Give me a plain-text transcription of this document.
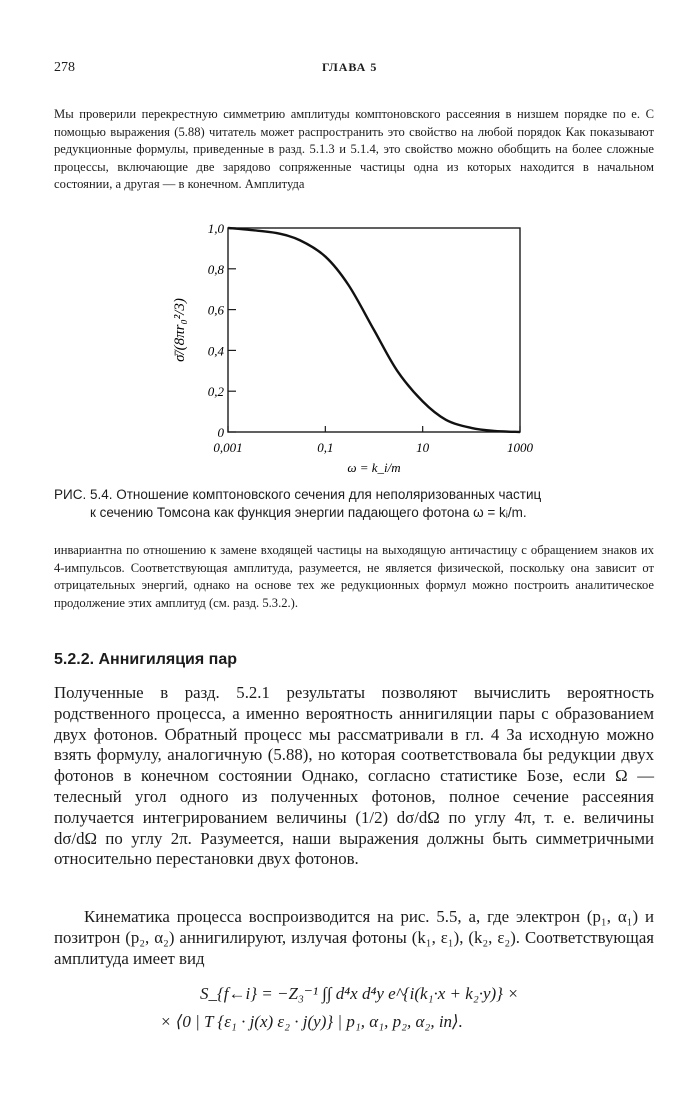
278	ГЛАВА 5
Мы проверили перекрестную симметрию амплитуды комптоновского рассеяния в низшем порядке по e. С помощью выражения (5.88) читатель может распространить это свойство на любой порядок Как показывают редукционные формулы, приведенные в разд. 5.1.3 и 5.1.4, это свойство можно обобщить на более сложные процессы, включающие две зарядово сопряженные частицы одна из которых находится в начальном состоянии, а другая — в конечном. Амплитуда
0
0,2
0,4
0,6
0,8
1,0
0,001	0,1	10	1000
σ̄/(8πr₀²/3)
ω = k_i/m
РИС. 5.4. Отношение комптоновского сечения для неполяризованных частиц
к сечению Томсона как функция энергии падающего фотона ω = kᵢ/m.
инвариантна по отношению к замене входящей частицы на выходящую античастицу с обращением знаков их 4-импульсов. Соответствующая амплитуда, разумеется, не является физической, поскольку она зависит от отрицательных энергий, однако на основе тех же редукционных формул можно построить аналитическое продолжение этих амплитуд (см. разд. 5.3.2.).
5.2.2. Аннигиляция пар
Полученные в разд. 5.2.1 результаты позволяют вычислить вероятность родственного процесса, а именно вероятность аннигиляции пары с образованием двух фотонов. Обратный процесс мы рассматривали в гл. 4 За исходную можно взять формулу, аналогичную (5.88), но которая соответствовала бы редукции двух фотонов в конечном состоянии Однако, согласно статистике Бозе, если Ω — телесный угол одного из полученных фотонов, полное сечение рассеяния получается интегрированием величины (1/2) dσ/dΩ по углу 4π, т. е. величины dσ/dΩ по углу 2π. Разумеется, наши выражения должны быть симметричными относительно перестановки двух фотонов.
Кинематика процесса воспроизводится на рис. 5.5, а, где электрон (p₁, α₁) и позитрон (p₂, α₂) аннигилируют, излучая фотоны (k₁, ε₁), (k₂, ε₂). Соответствующая амплитуда имеет вид
S_{f←i} = −Z₃⁻¹ ∫∫ d⁴x d⁴y e^{i(k₁·x + k₂·y)} ×
× ⟨0 | T {ε₁ · j(x) ε₂ · j(y)} | p₁, α₁, p₂, α₂, in⟩.
